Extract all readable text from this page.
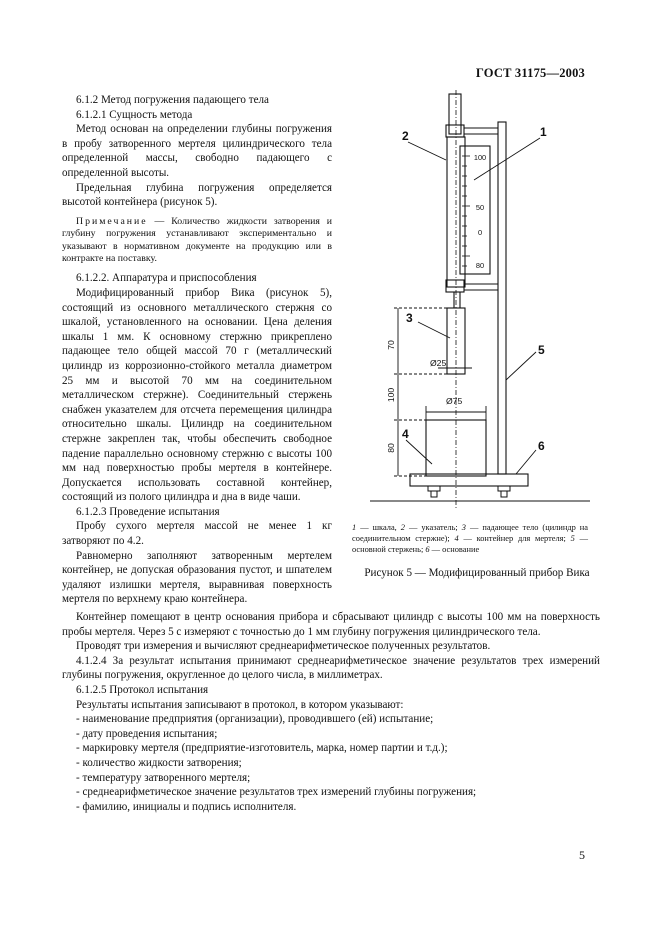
ГОСТ 31175—2003

6.1.2 Метод погружения падающего тела

6.1.2.1 Сущность метода

Метод основан на определении глубины погружения в пробу затворенного мертеля цилиндрического тела определенной массы, свободно падающего с определенной высоты.

Предельная глубина погружения определяется высотой контейнера (рисунок 5).

Примечание — Количество жидкости затворения и глубину погружения устанавливают экспериментально и указывают в нормативном документе на продукцию или в контракте на поставку.

6.1.2.2. Аппаратура и приспособления

Модифицированный прибор Вика (рисунок 5), состоящий из основного металлического стержня со шкалой, установленного на основании. Цена деления шкалы 1 мм. К основному стержню прикреплено падающее тело общей массой 70 г (металлический цилиндр из коррозионно-стойкого металла диаметром 25 мм и высотой 70 мм на соединительном металлическом стержне). Соединительный стержень снабжен указателем для отсчета перемещения цилиндра относительно шкалы. Цилиндр на соединительном стержне закреплен так, чтобы обеспечить свободное падение параллельно основному стержню с высоты 100 мм над поверхностью пробы мертеля в контейнере. Допускается использовать составной контейнер, состоящий из полого цилиндра и дна в виде чаши.

6.1.2.3 Проведение испытания

Пробу сухого мертеля массой не менее 1 кг затворяют по 4.2.

Равномерно заполняют затворенным мертелем контейнер, не допуская образования пустот, и шпателем удаляют излишки мертеля, выравнивая поверхность мертеля по верхнему краю контейнера.

Контейнер помещают в центр основания прибора и сбрасывают цилиндр с высоты 100 мм на поверхность пробы мертеля. Через 5 с измеряют с точностью до 1 мм глубину погружения цилиндрического тела.

Проводят три измерения и вычисляют среднеарифметическое полученных результатов.

4.1.2.4 За результат испытания принимают среднеарифметическое значение результатов трех измерений глубины погружения, округленное до целого числа, в миллиметрах.

6.1.2.5 Протокол испытания

Результаты испытания записывают в протокол, в котором указывают:

- наименование предприятия (организации), проводившего (ей) испытание;
- дату проведения испытания;
- маркировку мертеля (предприятие-изготовитель, марка, номер партии и т.д.);
- количество жидкости затворения;
- температуру затворенного мертеля;
- среднеарифметическое значение результатов трех измерений глубины погружения;
- фамилию, инициалы и подпись исполнителя.
100
50
0
80
70
100
80
Ø25
Ø75
1
2
3
5
4
6
1 — шкала, 2 — указатель; 3 — падающее тело (цилиндр на соединительном стержне); 4 — контейнер для мертеля; 5 — основной стержень; 6 — основание
Рисунок 5 — Модифицированный прибор Вика
5
